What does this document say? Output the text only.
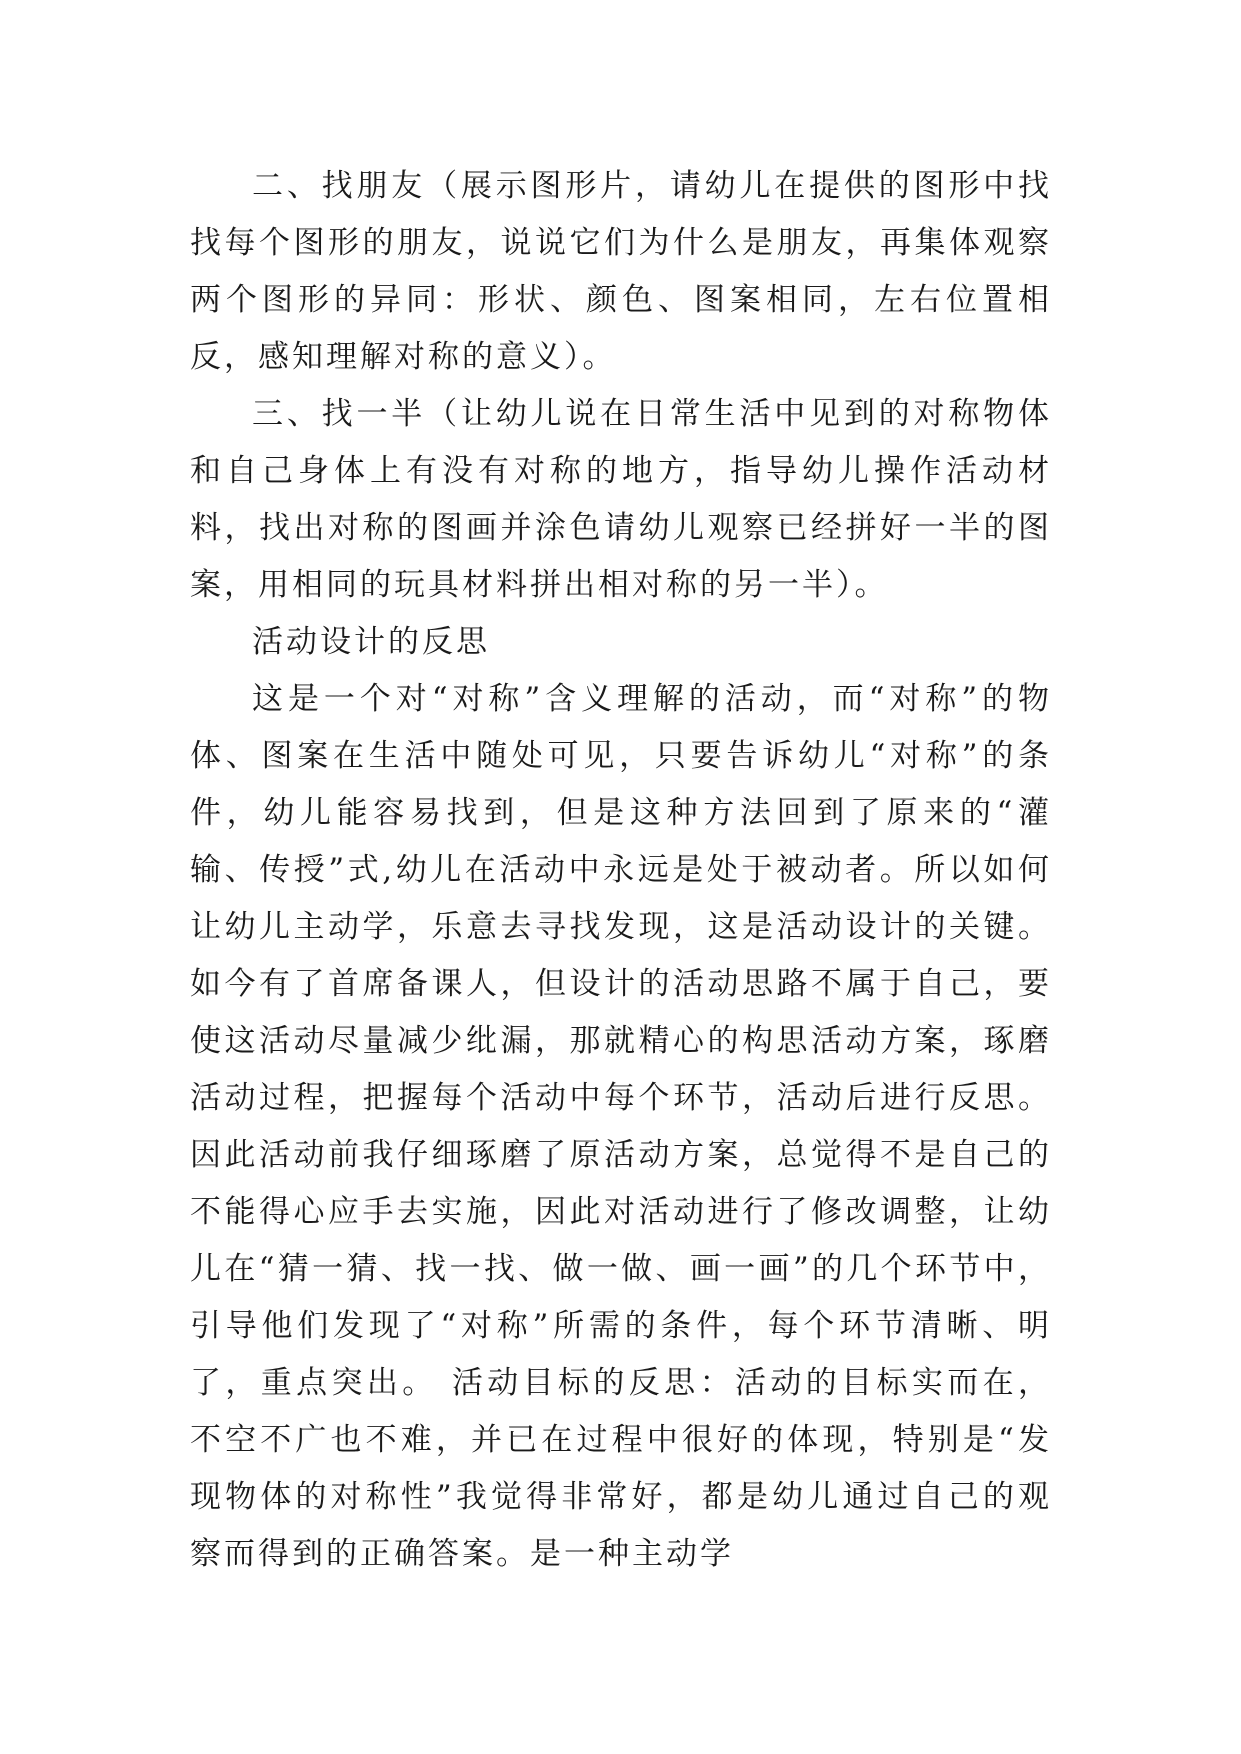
二、找朋友（展示图形片，请幼儿在提供的图形中找找每个图形的朋友，说说它们为什么是朋友，再集体观察两个图形的异同：形状、颜色、图案相同，左右位置相反，感知理解对称的意义）。

三、找一半（让幼儿说在日常生活中见到的对称物体和自己身体上有没有对称的地方，指导幼儿操作活动材料，找出对称的图画并涂色请幼儿观察已经拼好一半的图案，用相同的玩具材料拼出相对称的另一半）。

活动设计的反思

这是一个对“对称”含义理解的活动，而“对称”的物体、图案在生活中随处可见，只要告诉幼儿“对称”的条件，幼儿能容易找到，但是这种方法回到了原来的“灌输、传授”式,幼儿在活动中永远是处于被动者。所以如何让幼儿主动学，乐意去寻找发现，这是活动设计的关键。如今有了首席备课人，但设计的活动思路不属于自己，要使这活动尽量减少纰漏，那就精心的构思活动方案，琢磨活动过程，把握每个活动中每个环节，活动后进行反思。因此活动前我仔细琢磨了原活动方案，总觉得不是自己的不能得心应手去实施，因此对活动进行了修改调整，让幼儿在“猜一猜、找一找、做一做、画一画”的几个环节中，引导他们发现了“对称”所需的条件，每个环节清晰、明了，重点突出。 活动目标的反思：活动的目标实而在，不空不广也不难，并已在过程中很好的体现，特别是“发现物体的对称性”我觉得非常好，都是幼儿通过自己的观察而得到的正确答案。是一种主动学
